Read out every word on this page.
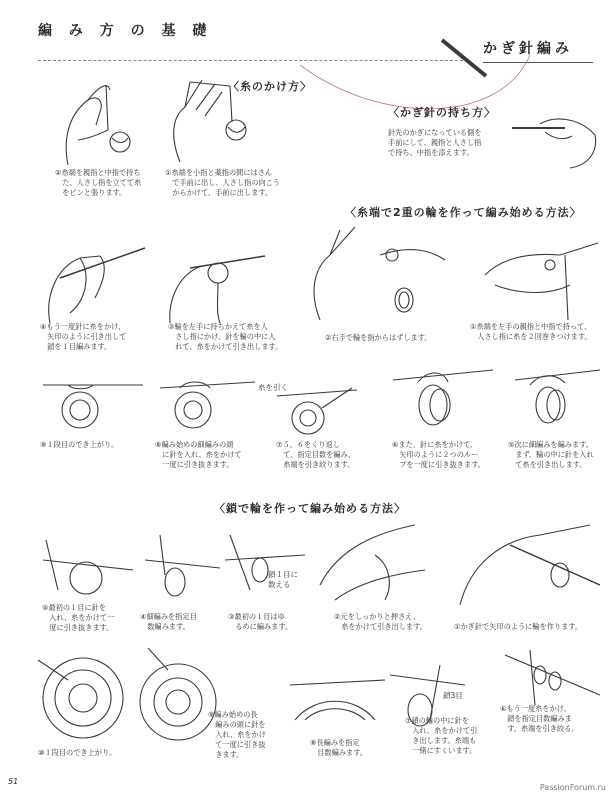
編 み 方 の 基 礎
かぎ針編み
〈糸のかけ方〉
②糸端を親指と中指で持ち
　た、人さし指を立てて糸
　をピンと張ります。
①糸端を小指と薬指の間にはさん
　で手前に出し、人さし指の向こう
　からかけて、手前に出します。
〈かぎ針の持ち方〉
針先のかぎになっている側を
手前にして、親指と人さし指
で持ち、中指を添えます。
〈糸端で2重の輪を作って編み始める方法〉
④もう一度針に糸をかけ、
　矢印のように引き出して
　鎖を１目編みます。
③輪を左手に持ちかえて糸を人
　さし指にかけ、針を輪の中に入
　れて、糸をかけて引き出します。
②右手で輪を指からはずします。
①糸端を左手の親指と中指で持って、
　人さし指に糸を２回巻きつけます。
⑨１段目のでき上がり。	⑧編み始めの細編みの頭
　に針を入れ、糸をかけて
　一度に引き抜きます。
糸を引く
⑦５、６をくり返し
　て、指定目数を編み、
　糸端を引き絞ります。
⑥また、針に糸をかけて、
　矢印のように２つのルー
　プを一度に引き抜きます。
⑤次に細編みを編みます。
　まず、輪の中に針を入れ
　て糸を引き出します。
〈鎖で輪を作って編み始める方法〉
⑤最初の１目に針を
　入れ、糸をかけて一
　度に引き抜きます。
④細編みを指定目
　数編みます。
鎖１目に
数える
③最初の１目はゆ
　るめに編みます。
②元をしっかりと押さえ、
　糸をかけて引き出します。	①かぎ針で矢印のように輪を作ります。
⑩１段目のでき上がり。
⑨編み始めの長
　編みの頭に針を
　入れ、糸をかけ
　て一度に引き抜
　きます。
⑧長編みを指定
　目数編みます。
鎖3目
⑦鎖の輪の中に針を
　入れ、糸をかけて引
　き出します。糸端も
　一緒にすくいます。
⑥もう一度糸をかけ、
　鎖を指定目数編みま
　す。糸端を引き絞る。
51
PassionForum.ru
